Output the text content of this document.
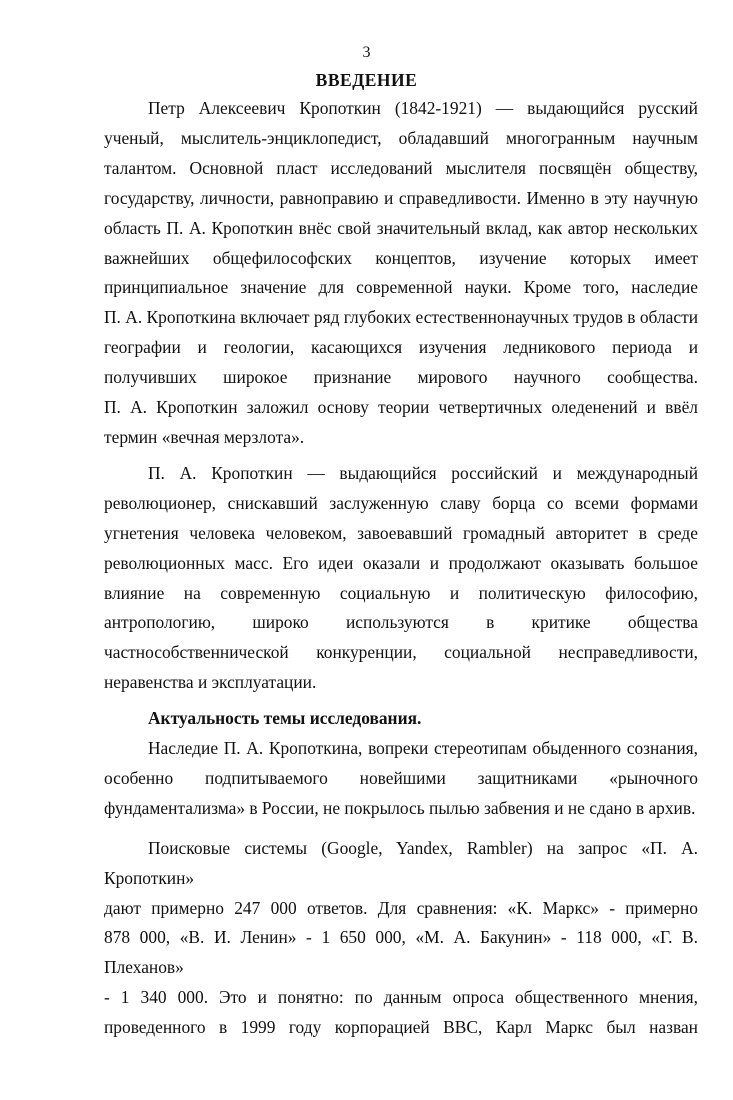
3
ВВЕДЕНИЕ

Петр Алексеевич Кропоткин (1842-1921) — выдающийся русский

ученый, мыслитель-энциклопедист, обладавший многогранным научным

талантом. Основной пласт исследований мыслителя посвящён обществу,

государству, личности, равноправию и справедливости. Именно в эту научную

область П. А. Кропоткин внёс свой значительный вклад, как автор нескольких

важнейших общефилософских концептов, изучение которых имеет

принципиальное значение для современной науки. Кроме того, наследие

П. А. Кропоткина включает ряд глубоких естественнонаучных трудов в области

географии и геологии, касающихся изучения ледникового периода и

получивших широкое признание мирового научного сообщества.

П. А. Кропоткин заложил основу теории четвертичных оледенений и ввёл

термин «вечная мерзлота».

П. А. Кропоткин — выдающийся российский и международный

революционер, снискавший заслуженную славу борца со всеми формами

угнетения человека человеком, завоевавший громадный авторитет в среде

революционных масс. Его идеи оказали и продолжают оказывать большое

влияние на современную социальную и политическую философию,

антропологию, широко используются в критике общества

частнособственнической конкуренции, социальной несправедливости,

неравенства и эксплуатации.

Актуальность темы исследования.

Наследие П. А. Кропоткина, вопреки стереотипам обыденного сознания,

особенно подпитываемого новейшими защитниками «рыночного

фундаментализма» в России, не покрылось пылью забвения и не сдано в архив.

Поисковые системы (Google, Yandex, Rambler) на запрос «П. А. Кропоткин»

дают примерно 247 000 ответов. Для сравнения: «К. Маркс» - примерно

878 000, «В. И. Ленин» - 1 650 000, «М. А. Бакунин» - 118 000, «Г. В. Плеханов»

- 1 340 000. Это и понятно: по данным опроса общественного мнения,

проведенного в 1999 году корпорацией BBC, Карл Маркс был назван
